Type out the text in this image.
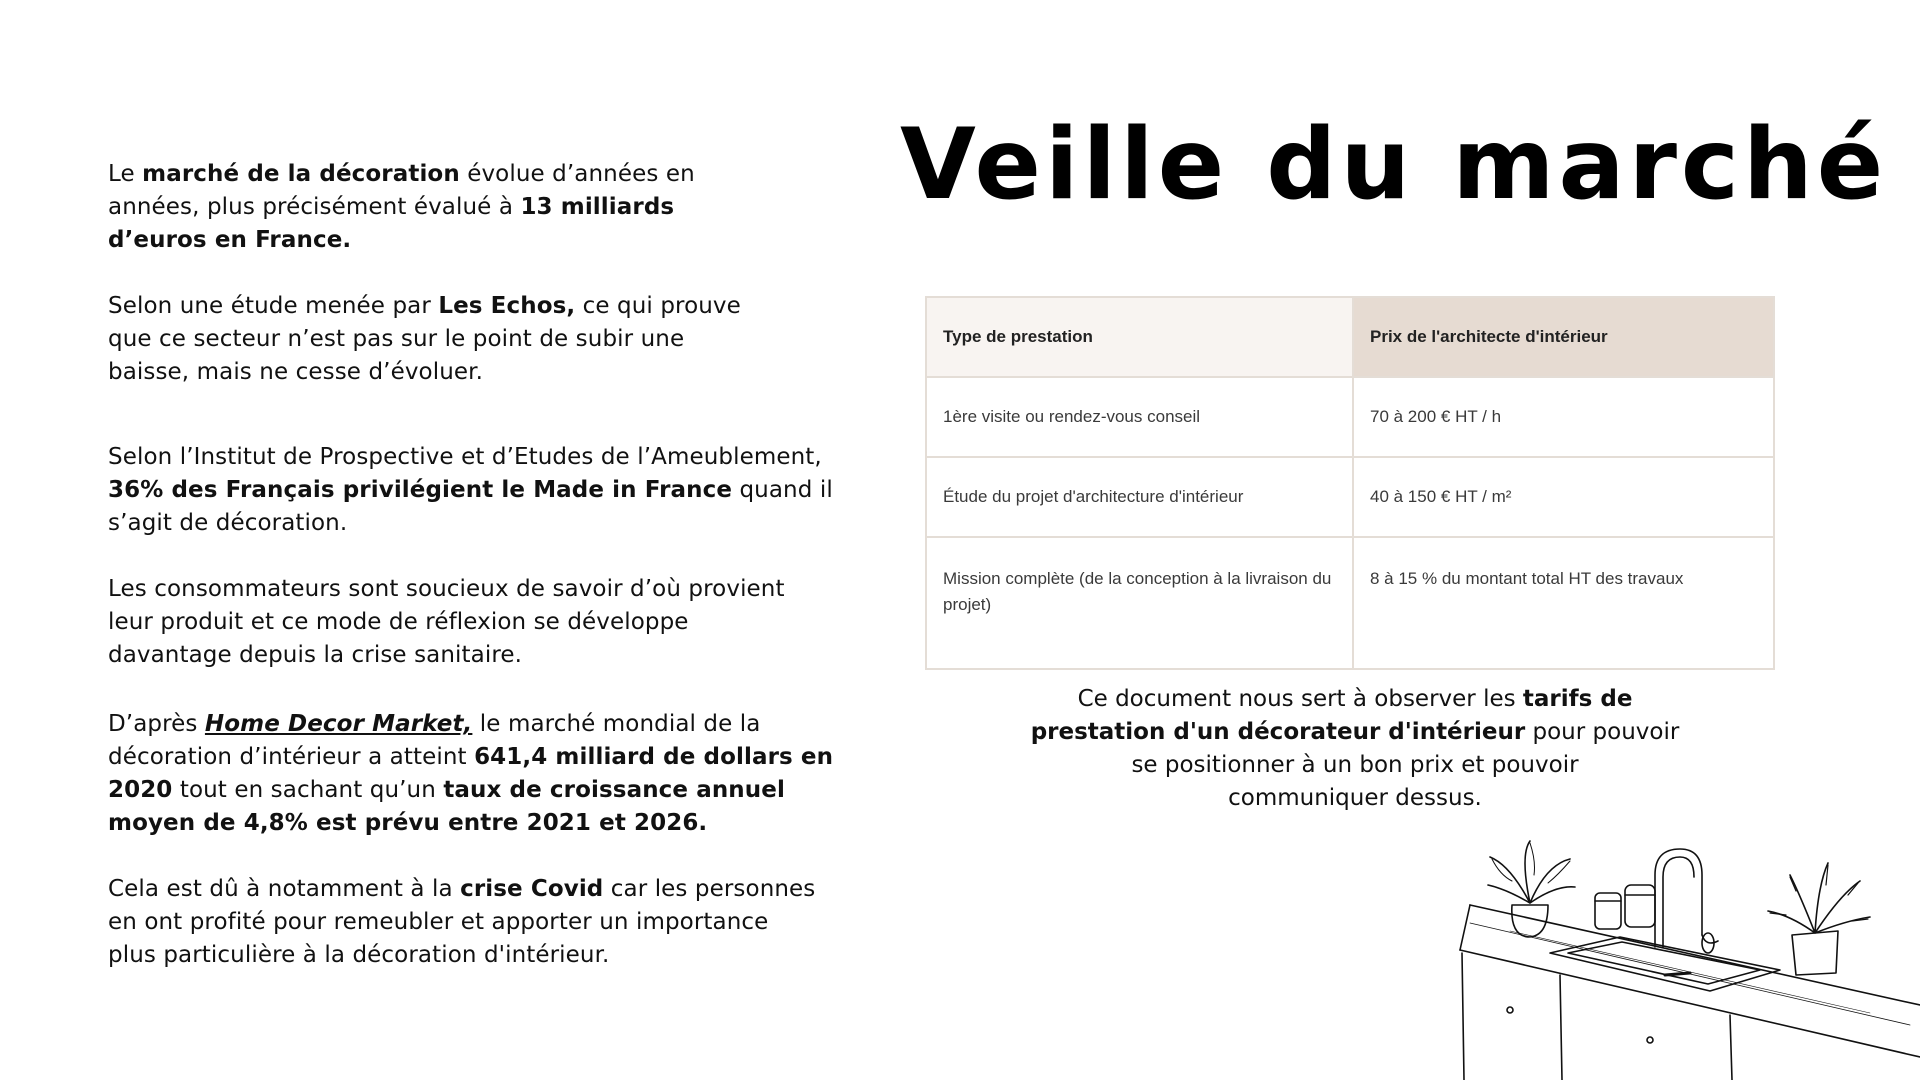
Veille du marché

Le marché de la décoration évolue d’années en

années, plus précisément évalué à 13 milliards

d’euros en France.

Selon une étude menée par Les Echos, ce qui prouve

que ce secteur n’est pas sur le point de subir une

baisse, mais ne cesse d’évoluer.

Selon l’Institut de Prospective et d’Etudes de l’Ameublement,

36% des Français privilégient le Made in France quand il

s’agit de décoration.

Les consommateurs sont soucieux de savoir d’où provient

leur produit et ce mode de réflexion se développe

davantage depuis la crise sanitaire.

D’après Home Decor Market, le marché mondial de la

décoration d’intérieur a atteint 641,4 milliard de dollars en

2020 tout en sachant qu’un taux de croissance annuel

moyen de 4,8% est prévu entre 2021 et 2026.

Cela est dû à notamment à la crise Covid car les personnes

en ont profité pour remeubler et apporter un importance

plus particulière à la décoration d'intérieur.

Type de prestation	Prix de l'architecte d'intérieur
1ère visite ou rendez-vous conseil	70 à 200 € HT / h
Étude du projet d'architecture d'intérieur	40 à 150 € HT / m²
Mission complète (de la conception à la livraison du projet)	8 à 15 % du montant total HT des travaux

Ce document nous sert à observer les tarifs de

prestation d'un décorateur d'intérieur pour pouvoir

se positionner à un bon prix et pouvoir

communiquer dessus.
